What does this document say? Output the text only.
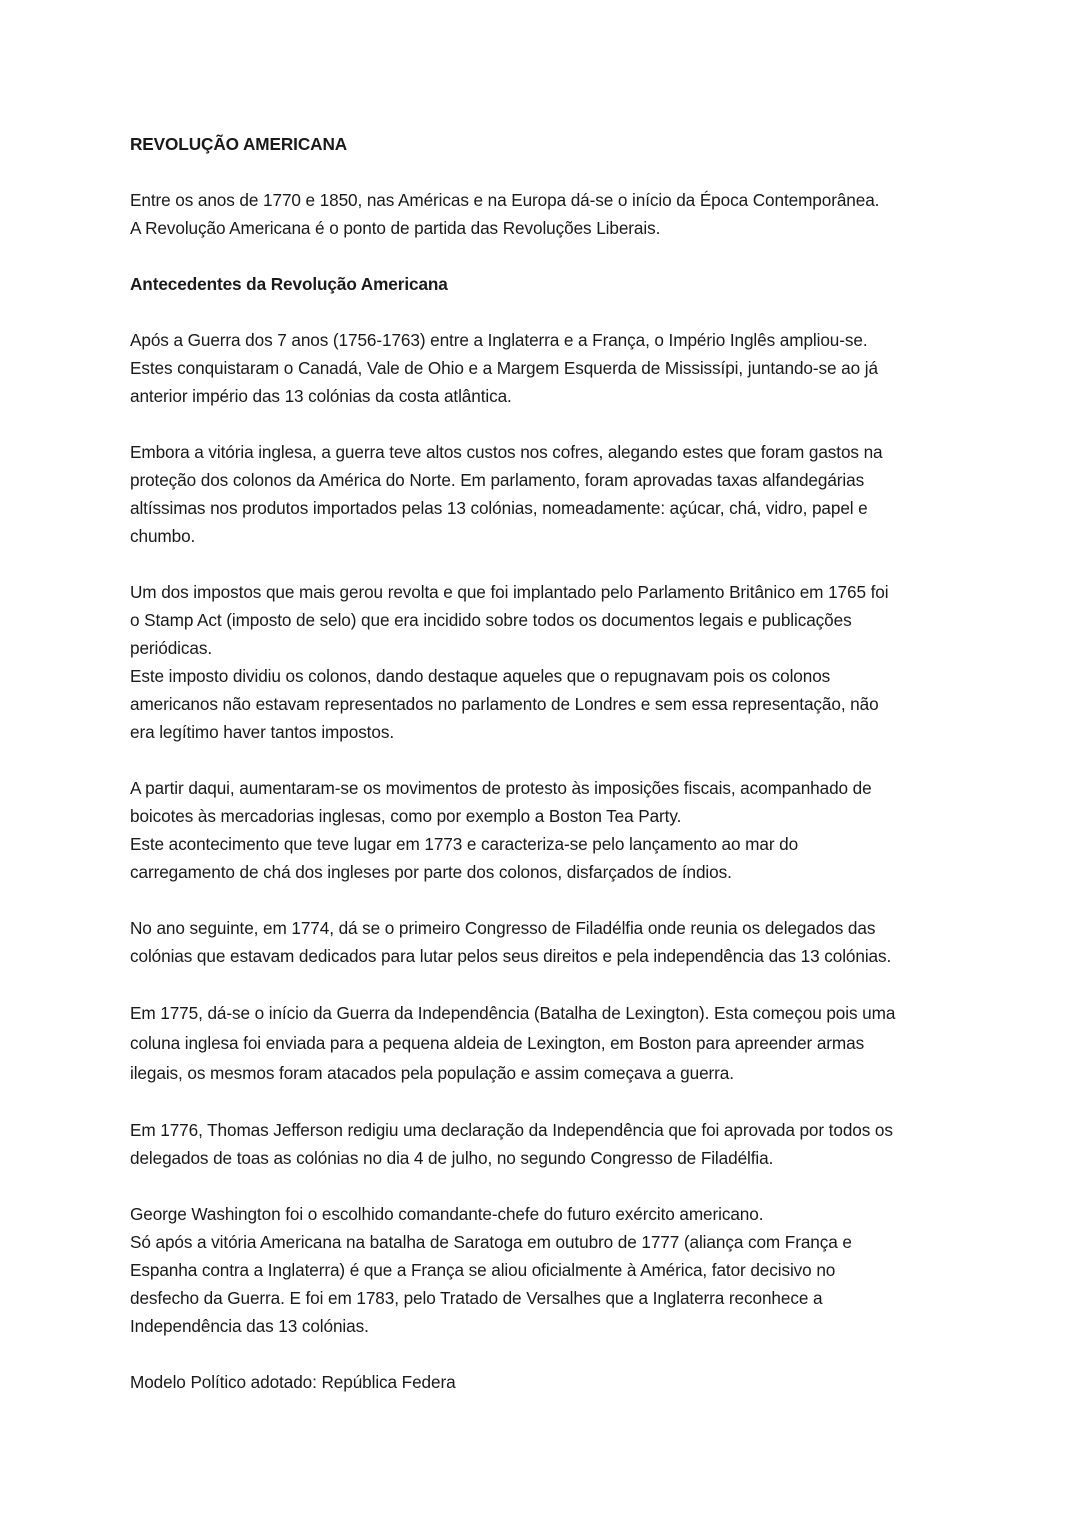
REVOLUÇÃO AMERICANA
Entre os anos de 1770 e 1850, nas Américas e na Europa dá-se o início da Época Contemporânea.
A Revolução Americana é o ponto de partida das Revoluções Liberais.
Antecedentes da Revolução Americana
Após a Guerra dos 7 anos (1756-1763) entre a Inglaterra e a França, o Império Inglês ampliou-se.
Estes conquistaram o Canadá, Vale de Ohio e a Margem Esquerda de Mississípi, juntando-se ao já
anterior império das 13 colónias da costa atlântica.
Embora a vitória inglesa, a guerra teve altos custos nos cofres, alegando estes que foram gastos na
proteção dos colonos da América do Norte. Em parlamento, foram aprovadas taxas alfandegárias
altíssimas nos produtos importados pelas 13 colónias, nomeadamente: açúcar, chá, vidro, papel e
chumbo.
Um dos impostos que mais gerou revolta e que foi implantado pelo Parlamento Britânico em 1765 foi
o Stamp Act (imposto de selo) que era incidido sobre todos os documentos legais e publicações
periódicas.
Este imposto dividiu os colonos, dando destaque aqueles que o repugnavam pois os colonos
americanos não estavam representados no parlamento de Londres e sem essa representação, não
era legítimo haver tantos impostos.
A partir daqui, aumentaram-se os movimentos de protesto às imposições fiscais, acompanhado de
boicotes às mercadorias inglesas, como por exemplo a Boston Tea Party.
Este acontecimento que teve lugar em 1773 e caracteriza-se pelo lançamento ao mar do
carregamento de chá dos ingleses por parte dos colonos, disfarçados de índios.
No ano seguinte, em 1774, dá se o primeiro Congresso de Filadélfia onde reunia os delegados das
colónias que estavam dedicados para lutar pelos seus direitos e pela independência das 13 colónias.
Em 1775, dá-se o início da Guerra da Independência (Batalha de Lexington). Esta começou pois uma
coluna inglesa foi enviada para a pequena aldeia de Lexington, em Boston para apreender armas
ilegais, os mesmos foram atacados pela população e assim começava a guerra.
Em 1776, Thomas Jefferson redigiu uma declaração da Independência que foi aprovada por todos os
delegados de toas as colónias no dia 4 de julho, no segundo Congresso de Filadélfia.
George Washington foi o escolhido comandante-chefe do futuro exército americano.
Só após a vitória Americana na batalha de Saratoga em outubro de 1777 (aliança com França e
Espanha contra a Inglaterra) é que a França se aliou oficialmente à América, fator decisivo no
desfecho da Guerra. E foi em 1783, pelo Tratado de Versalhes que a Inglaterra reconhece a
Independência das 13 colónias.
Modelo Político adotado: República Federa
